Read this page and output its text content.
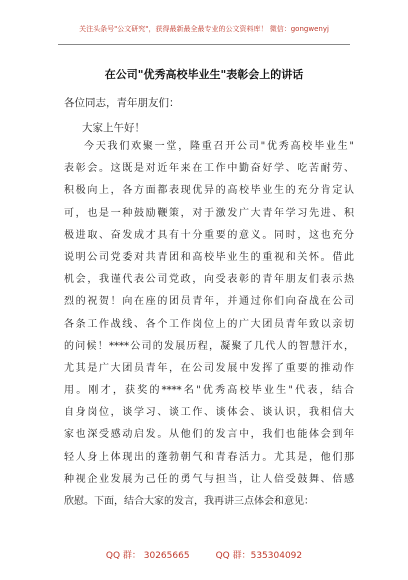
关注头条号"公文研究"，获得最新最全最专业的公文资料库！ 微信：gongwenyj
在公司"优秀高校毕业生"表彰会上的讲话
各位同志，青年朋友们：
大家上午好！
今天我们欢聚一堂，隆重召开公司"优秀高校毕业生"
表彰会。这既是对近年来在工作中勤奋好学、吃苦耐劳、
积极向上，各方面都表现优异的高校毕业生的充分肯定认
可，也是一种鼓励鞭策，对于激发广大青年学习先进、积
极进取、奋发成才具有十分重要的意义。同时，这也充分
说明公司党委对共青团和高校毕业生的重视和关怀。借此
机会，我谨代表公司党政，向受表彰的青年朋友们表示热
烈的祝贺！向在座的团员青年，并通过你们向奋战在公司
各条工作战线、各个工作岗位上的广大团员青年致以亲切
的问候！****公司的发展历程，凝聚了几代人的智慧汗水，
尤其是广大团员青年，在公司发展中发挥了重要的推动作
用。刚才，获奖的****名"优秀高校毕业生"代表，结合
自身岗位，谈学习、谈工作、谈体会、谈认识，我相信大
家也深受感动启发。从他们的发言中，我们也能体会到年
轻人身上体现出的蓬勃朝气和青春活力。尤其是，他们那
种视企业发展为己任的勇气与担当，让人倍受鼓舞、倍感
欣慰。下面，结合大家的发言，我再讲三点体会和意见：
QQ 群： 30265665	QQ 群：535304092
